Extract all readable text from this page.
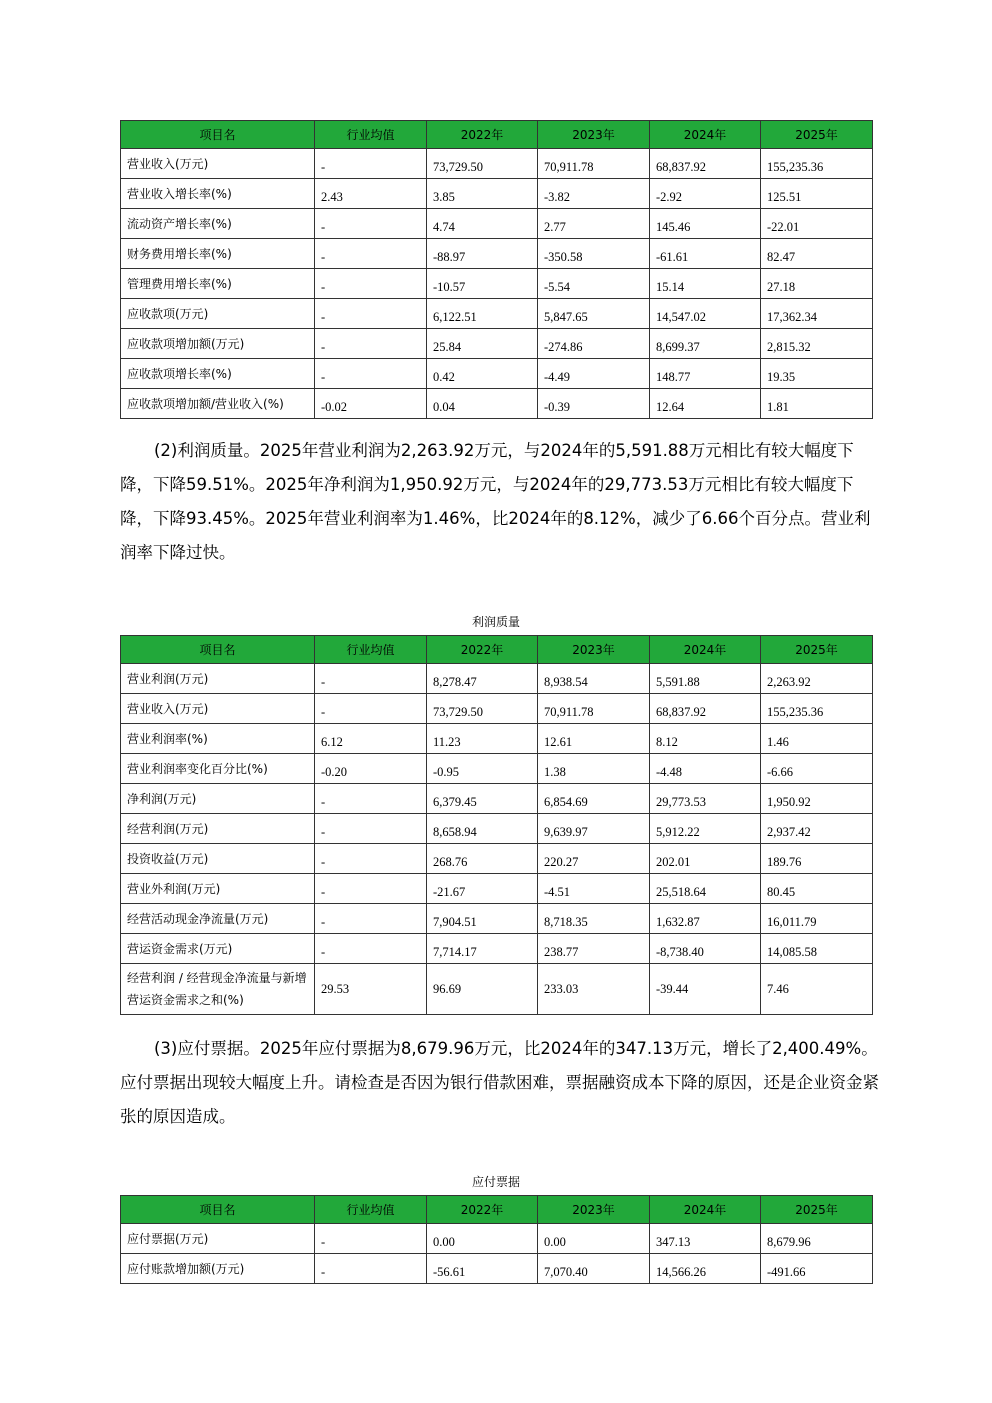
项目名	行业均值	2022年	2023年	2024年	2025年
营业收入(万元)	-	73,729.50	70,911.78	68,837.92	155,235.36
营业收入增长率(%)	2.43	3.85	-3.82	-2.92	125.51
流动资产增长率(%)	-	4.74	2.77	145.46	-22.01
财务费用增长率(%)	-	-88.97	-350.58	-61.61	82.47
管理费用增长率(%)	-	-10.57	-5.54	15.14	27.18
应收款项(万元)	-	6,122.51	5,847.65	14,547.02	17,362.34
应收款项增加额(万元)	-	25.84	-274.86	8,699.37	2,815.32
应收款项增长率(%)	-	0.42	-4.49	148.77	19.35
应收款项增加额/营业收入(%)	-0.02	0.04	-0.39	12.64	1.81

(2)利润质量。2025年营业利润为2,263.92万元，与2024年的5,591.88万元相比有较大幅度下降，下降59.51%。2025年净利润为1,950.92万元，与2024年的29,773.53万元相比有较大幅度下降，下降93.45%。2025年营业利润率为1.46%，比2024年的8.12%，减少了6.66个百分点。营业利润率下降过快。

利润质量
项目名	行业均值	2022年	2023年	2024年	2025年
营业利润(万元)	-	8,278.47	8,938.54	5,591.88	2,263.92
营业收入(万元)	-	73,729.50	70,911.78	68,837.92	155,235.36
营业利润率(%)	6.12	11.23	12.61	8.12	1.46
营业利润率变化百分比(%)	-0.20	-0.95	1.38	-4.48	-6.66
净利润(万元)	-	6,379.45	6,854.69	29,773.53	1,950.92
经营利润(万元)	-	8,658.94	9,639.97	5,912.22	2,937.42
投资收益(万元)	-	268.76	220.27	202.01	189.76
营业外利润(万元)	-	-21.67	-4.51	25,518.64	80.45
经营活动现金净流量(万元)	-	7,904.51	8,718.35	1,632.87	16,011.79
营运资金需求(万元)	-	7,714.17	238.77	-8,738.40	14,085.58
经营利润 / 经营现金净流量与新增营运资金需求之和(%)	29.53	96.69	233.03	-39.44	7.46

(3)应付票据。2025年应付票据为8,679.96万元，比2024年的347.13万元，增长了2,400.49%。应付票据出现较大幅度上升。请检查是否因为银行借款困难，票据融资成本下降的原因，还是企业资金紧张的原因造成。

应付票据
项目名	行业均值	2022年	2023年	2024年	2025年
应付票据(万元)	-	0.00	0.00	347.13	8,679.96
应付账款增加额(万元)	-	-56.61	7,070.40	14,566.26	-491.66
